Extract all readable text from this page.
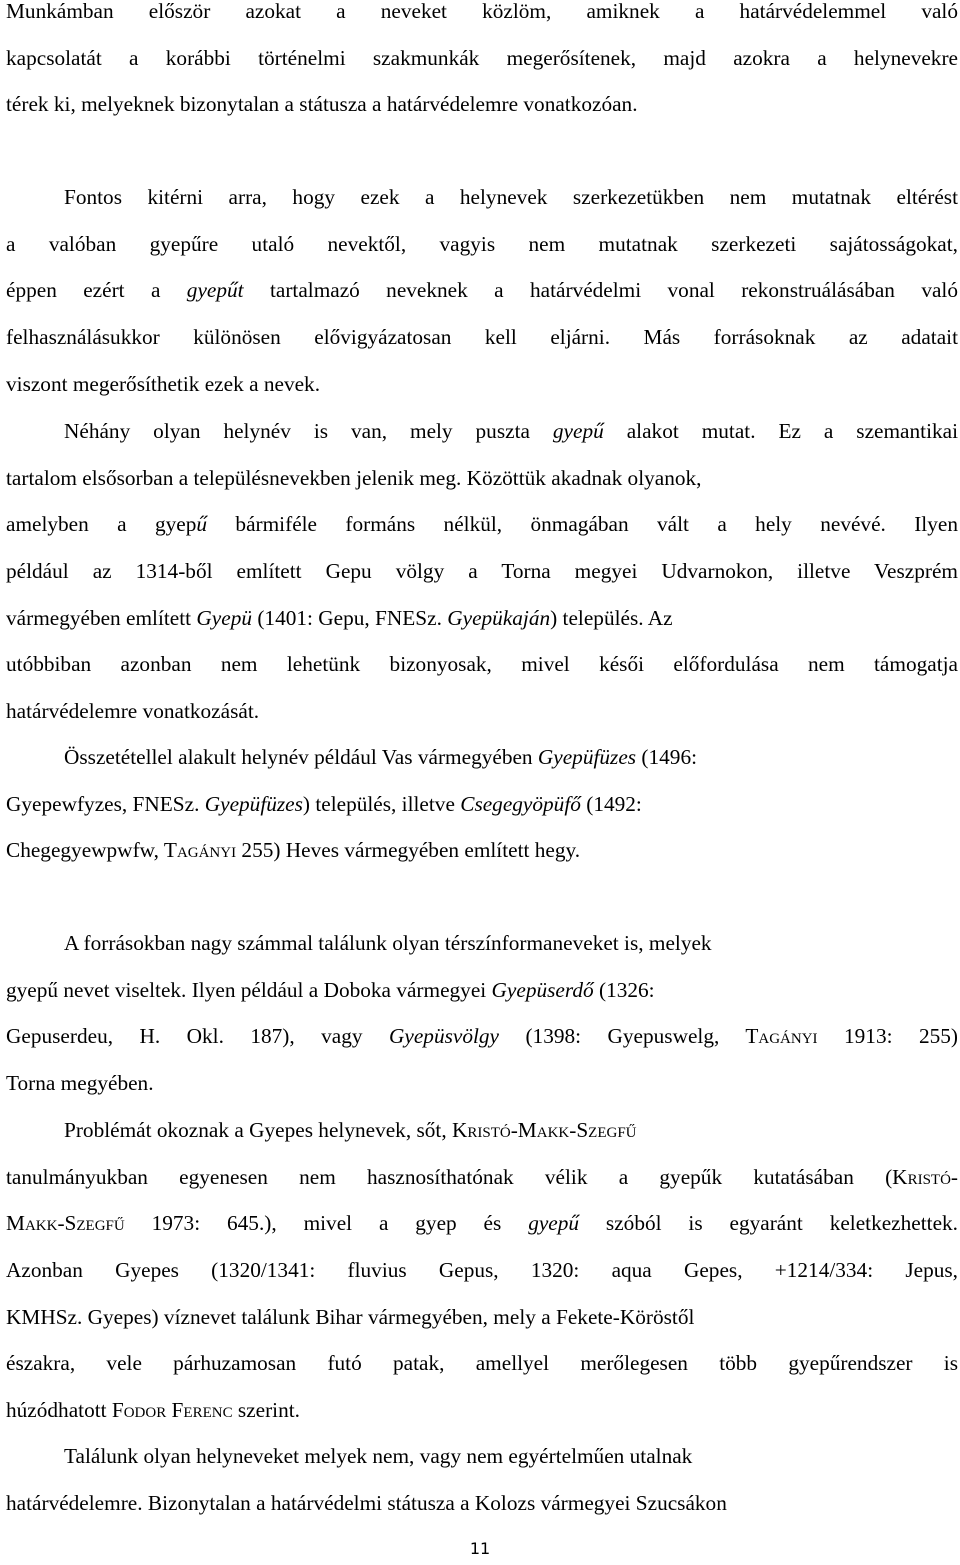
Munkámban először azokat a neveket közlöm, amiknek a határvédelemmel való
kapcsolatát a korábbi történelmi szakmunkák megerősítenek, majd azokra a helynevekre
térek ki, melyeknek bizonytalan a státusza a határvédelemre vonatkozóan.

Fontos kitérni arra, hogy ezek a helynevek szerkezetükben nem mutatnak eltérést
a valóban gyepűre utaló nevektől, vagyis nem mutatnak szerkezeti sajátosságokat,
éppen ezért a gyepűt tartalmazó neveknek a határvédelmi vonal rekonstruálásában való
felhasználásukkor különösen elővigyázatosan kell eljárni. Más forrásoknak az adatait
viszont megerősíthetik ezek a nevek.

Néhány olyan helynév is van, mely puszta gyepű alakot mutat. Ez a szemantikai
tartalom elsősorban a településnevekben jelenik meg. Közöttük akadnak olyanok,
amelyben a gyepű bármiféle formáns nélkül, önmagában vált a hely nevévé. Ilyen
például az 1314-ből említett Gepu völgy a Torna megyei Udvarnokon, illetve Veszprém
vármegyében említett Gyepü (1401: Gepu, FNESz. Gyepükaján) település. Az
utóbbiban azonban nem lehetünk bizonyosak, mivel késői előfordulása nem támogatja
határvédelemre vonatkozását.

Összetétellel alakult helynév például Vas vármegyében Gyepüfüzes (1496:
Gyepewfyzes, FNESz. Gyepüfüzes) település, illetve Csegegyöpüfő (1492:
Chegegyewpwfw, Tagányi 255) Heves vármegyében említett hegy.

A forrásokban nagy számmal találunk olyan térszínformaneveket is, melyek
gyepű nevet viseltek. Ilyen például a Doboka vármegyei Gyepüserdő (1326:
Gepuserdeu, H. Okl. 187), vagy Gyepüsvölgy (1398: Gyepuswelg, Tagányi 1913: 255)
Torna megyében.

Problémát okoznak a Gyepes helynevek, sőt, Kristó-Makk-Szegfű
tanulmányukban egyenesen nem hasznosíthatónak vélik a gyepűk kutatásában (Kristó-
Makk-Szegfű 1973: 645.), mivel a gyep és gyepű szóból is egyaránt keletkezhettek.
Azonban Gyepes (1320/1341: fluvius Gepus, 1320: aqua Gepes, +1214/334: Jepus,
KMHSz. Gyepes) víznevet találunk Bihar vármegyében, mely a Fekete-Köröstől
északra, vele párhuzamosan futó patak, amellyel merőlegesen több gyepűrendszer is
húzódhatott Fodor Ferenc szerint.

Találunk olyan helyneveket melyek nem, vagy nem egyértelműen utalnak
határvédelemre. Bizonytalan a határvédelmi státusza a Kolozs vármegyei Szucsákon

11
